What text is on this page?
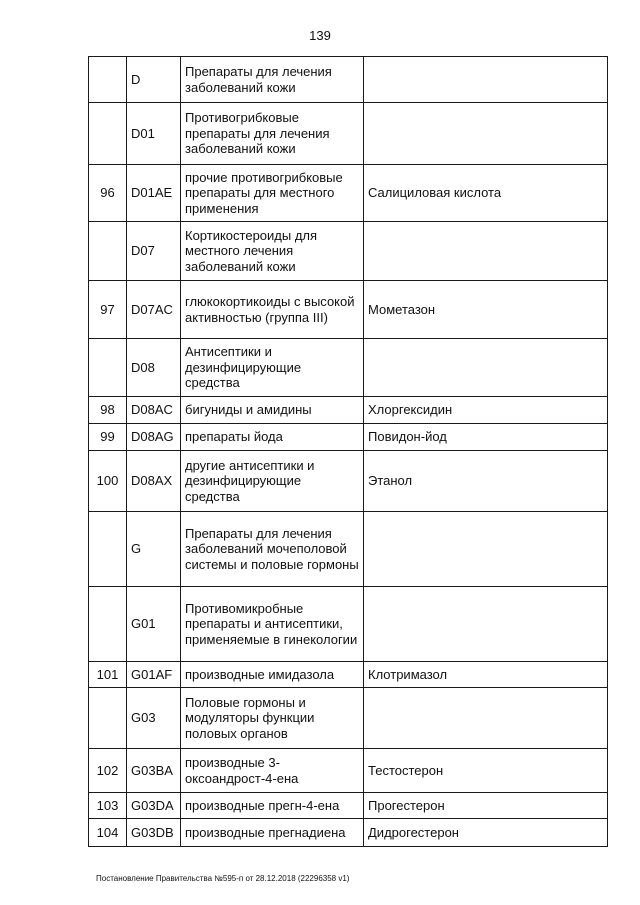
139
	D	Препараты для лечения заболеваний кожи	
	D01	Противогрибковые препараты для лечения заболеваний кожи	
96	D01AE	прочие противогрибковые препараты для местного применения	Салициловая кислота
	D07	Кортикостероиды для местного лечения заболеваний кожи	
97	D07AC	глюкокортикоиды с высокой активностью (группа III)	Мометазон
	D08	Антисептики и дезинфицирующие средства	
98	D08AC	бигуниды и амидины	Хлоргексидин
99	D08AG	препараты йода	Повидон-йод
100	D08AX	другие антисептики и дезинфицирующие средства	Этанол
	G	Препараты для лечения заболеваний мочеполовой системы и половые гормоны	
	G01	Противомикробные препараты и антисептики, применяемые в гинекологии	
101	G01AF	производные имидазола	Клотримазол
	G03	Половые гормоны и модуляторы функции половых органов	
102	G03BA	производные 3-оксоандрост-4-ена	Тестостерон
103	G03DA	производные прегн-4-ена	Прогестерон
104	G03DB	производные прегнадиена	Дидрогестерон
Постановление Правительства №595-п от 28.12.2018 (22296358 v1)
